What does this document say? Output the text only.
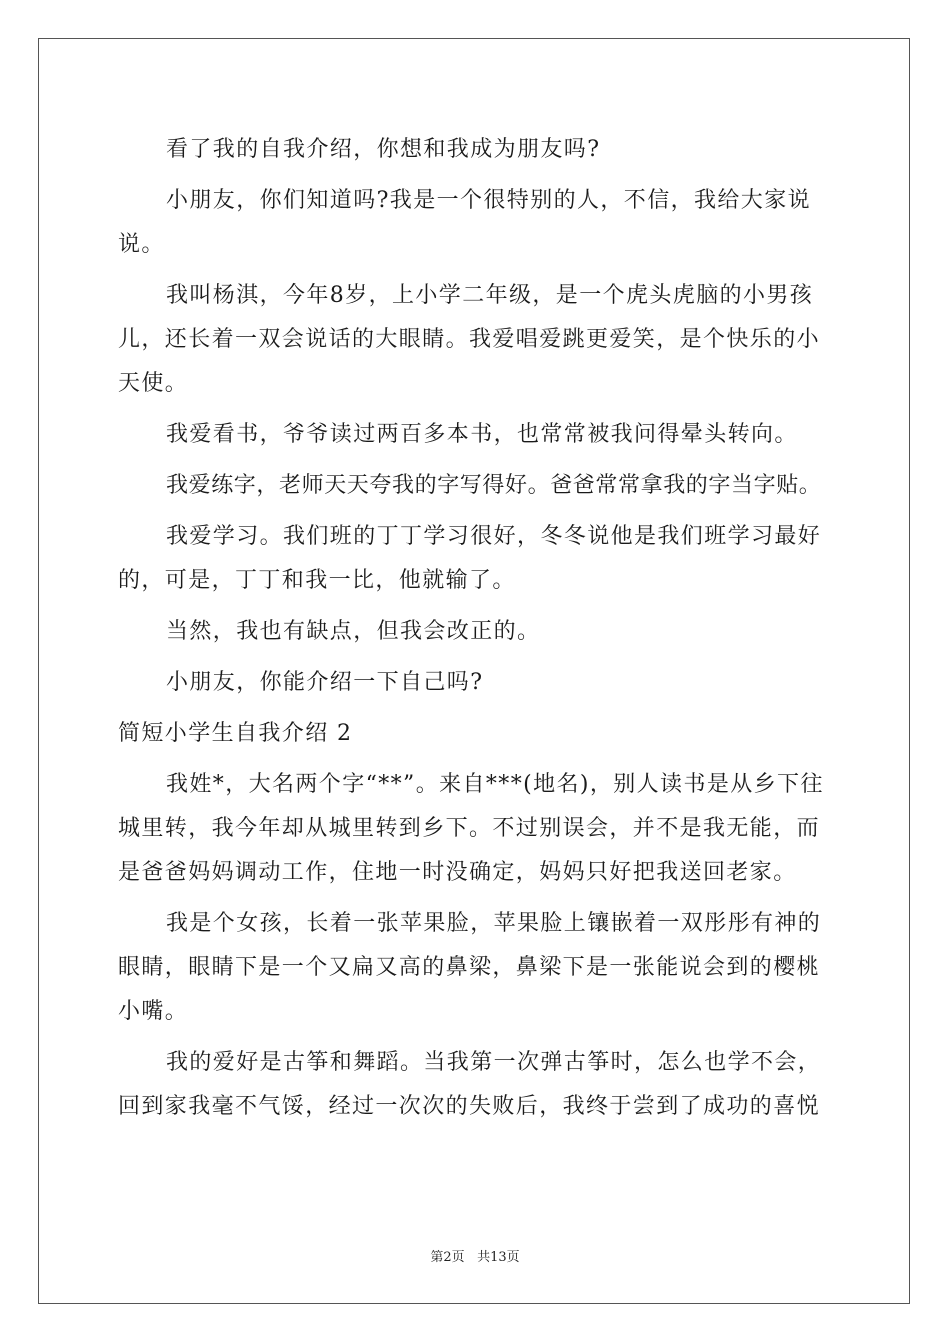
看了我的自我介绍，你想和我成为朋友吗?

小朋友，你们知道吗?我是一个很特别的人，不信，我给大家说说。

我叫杨淇，今年8岁，上小学二年级，是一个虎头虎脑的小男孩儿，还长着一双会说话的大眼睛。我爱唱爱跳更爱笑，是个快乐的小天使。

我爱看书，爷爷读过两百多本书，也常常被我问得晕头转向。

我爱练字，老师天天夸我的字写得好。爸爸常常拿我的字当字贴。

我爱学习。我们班的丁丁学习很好，冬冬说他是我们班学习最好的，可是，丁丁和我一比，他就输了。

当然，我也有缺点，但我会改正的。

小朋友，你能介绍一下自己吗?

简短小学生自我介绍 2

我姓*，大名两个字“**”。来自***(地名)，别人读书是从乡下往城里转，我今年却从城里转到乡下。不过别误会，并不是我无能，而是爸爸妈妈调动工作，住地一时没确定，妈妈只好把我送回老家。

我是个女孩，长着一张苹果脸，苹果脸上镶嵌着一双彤彤有神的眼睛，眼睛下是一个又扁又高的鼻梁，鼻梁下是一张能说会到的樱桃小嘴。

我的爱好是古筝和舞蹈。当我第一次弹古筝时，怎么也学不会，回到家我毫不气馁，经过一次次的失败后，我终于尝到了成功的喜悦

第2页 共13页
